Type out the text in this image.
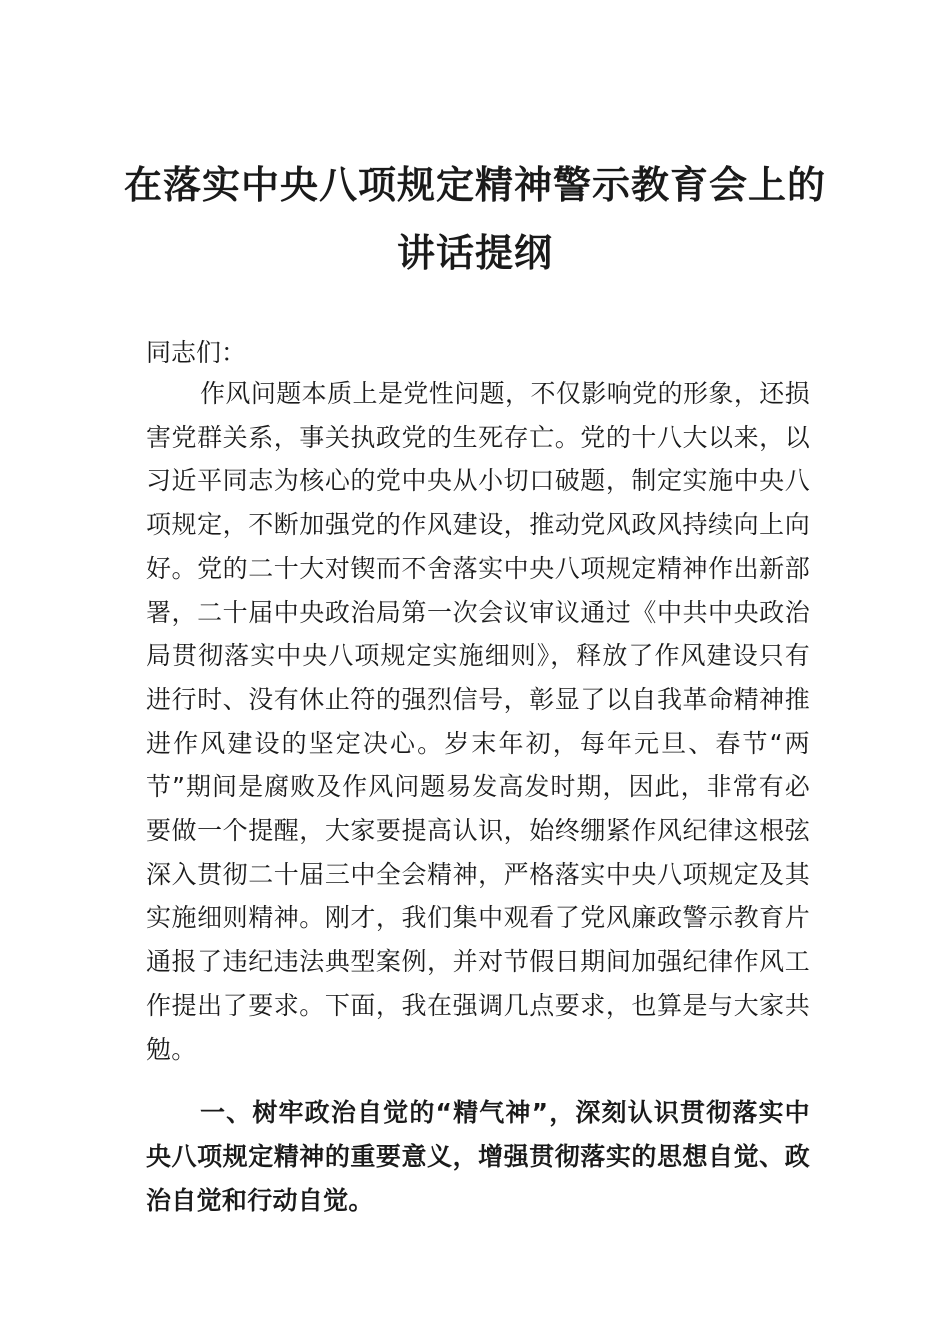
在落实中央八项规定精神警示教育会上的
讲话提纲

同志们：

作风问题本质上是党性问题，不仅影响党的形象，还损害党群关系，事关执政党的生死存亡。党的十八大以来，以习近平同志为核心的党中央从小切口破题，制定实施中央八项规定，不断加强党的作风建设，推动党风政风持续向上向好。党的二十大对锲而不舍落实中央八项规定精神作出新部署，二十届中央政治局第一次会议审议通过《中共中央政治局贯彻落实中央八项规定实施细则》，释放了作风建设只有进行时、没有休止符的强烈信号，彰显了以自我革命精神推进作风建设的坚定决心。岁末年初，每年元旦、春节“两节”期间是腐败及作风问题易发高发时期，因此，非常有必要做一个提醒，大家要提高认识，始终绷紧作风纪律这根弦深入贯彻二十届三中全会精神，严格落实中央八项规定及其实施细则精神。刚才，我们集中观看了党风廉政警示教育片通报了违纪违法典型案例，并对节假日期间加强纪律作风工作提出了要求。下面，我在强调几点要求，也算是与大家共勉。

一、树牢政治自觉的“精气神”，深刻认识贯彻落实中央八项规定精神的重要意义，增强贯彻落实的思想自觉、政治自觉和行动自觉。
